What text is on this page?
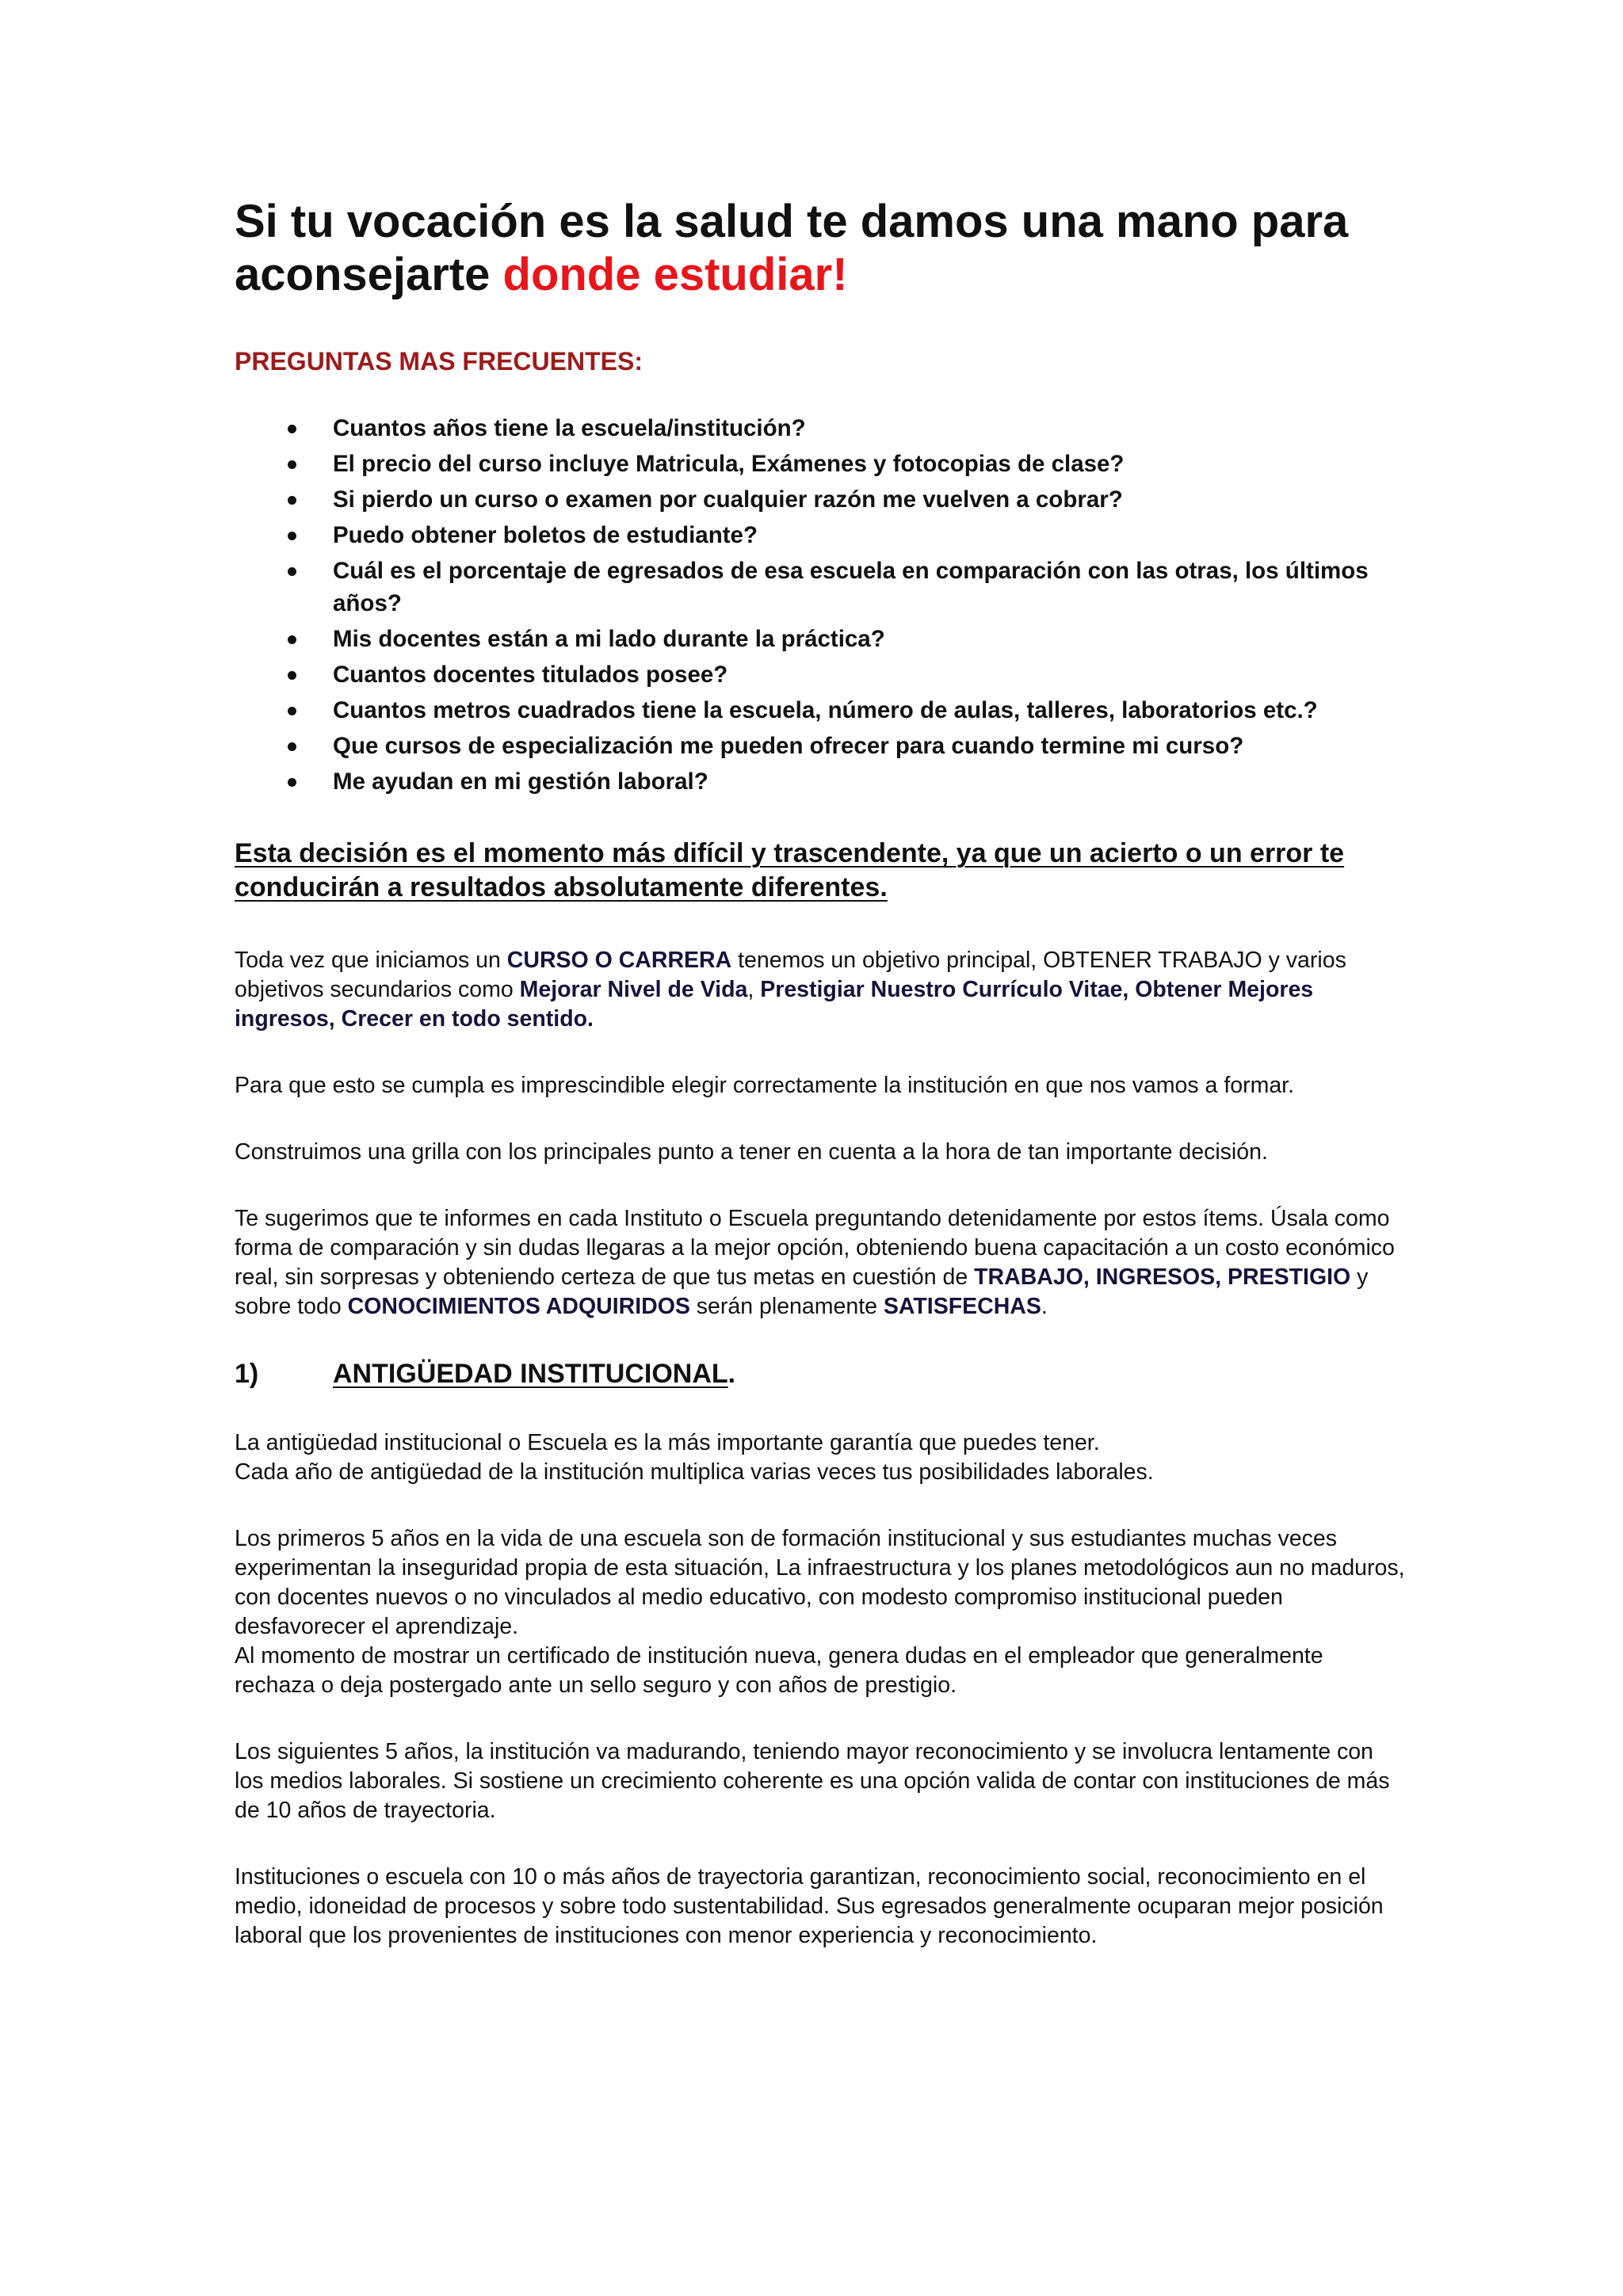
Si tu vocación es la salud te damos una mano para
aconsejarte donde estudiar!
PREGUNTAS MAS FRECUENTES:
Cuantos años tiene la escuela/institución?
El precio del curso incluye Matricula, Exámenes y fotocopias de clase?
Si pierdo un curso o examen por cualquier razón me vuelven a cobrar?
Puedo obtener boletos de estudiante?
Cuál es el porcentaje de egresados de esa escuela en comparación con las otras, los últimos años?
Mis docentes están a mi lado durante la práctica?
Cuantos docentes titulados posee?
Cuantos metros cuadrados tiene la escuela, número de aulas, talleres, laboratorios etc.?
Que cursos de especialización me pueden ofrecer para cuando termine mi curso?
Me ayudan en mi gestión laboral?

Esta decisión es el momento más difícil y trascendente, ya que un acierto o un error te conducirán a resultados absolutamente diferentes.

Toda vez que iniciamos un CURSO O CARRERA tenemos un objetivo principal, OBTENER TRABAJO y varios objetivos secundarios como Mejorar Nivel de Vida, Prestigiar Nuestro Currículo Vitae, Obtener Mejores ingresos, Crecer en todo sentido.

Para que esto se cumpla es imprescindible elegir correctamente la institución en que nos vamos a formar.

Construimos una grilla con los principales punto a tener en cuenta a la hora de tan importante decisión.

Te sugerimos que te informes en cada Instituto o Escuela preguntando detenidamente por estos ítems. Úsala como forma de comparación y sin dudas llegaras a la mejor opción, obteniendo buena capacitación a un costo económico real, sin sorpresas y obteniendo certeza de que tus metas en cuestión de TRABAJO, INGRESOS, PRESTIGIO y sobre todo CONOCIMIENTOS ADQUIRIDOS serán plenamente SATISFECHAS.

1)	ANTIGÜEDAD INSTITUCIONAL.

La antigüedad institucional o Escuela es la más importante garantía que puedes tener.
Cada año de antigüedad de la institución multiplica varias veces tus posibilidades laborales.

Los primeros 5 años en la vida de una escuela son de formación institucional y sus estudiantes muchas veces experimentan la inseguridad propia de esta situación, La infraestructura y los planes metodológicos aun no maduros, con docentes nuevos o no vinculados al medio educativo, con modesto compromiso institucional pueden desfavorecer el aprendizaje.

Al momento de mostrar un certificado de institución nueva, genera dudas en el empleador que generalmente rechaza o deja postergado ante un sello seguro y con años de prestigio.

Los siguientes 5 años, la institución va madurando, teniendo mayor reconocimiento y se involucra lentamente con los medios laborales. Si sostiene un crecimiento coherente es una opción valida de contar con instituciones de más de 10 años de trayectoria.

Instituciones o escuela con 10 o más años de trayectoria garantizan, reconocimiento social, reconocimiento en el medio, idoneidad de procesos y sobre todo sustentabilidad. Sus egresados generalmente ocuparan mejor posición laboral que los provenientes de instituciones con menor experiencia y reconocimiento.
